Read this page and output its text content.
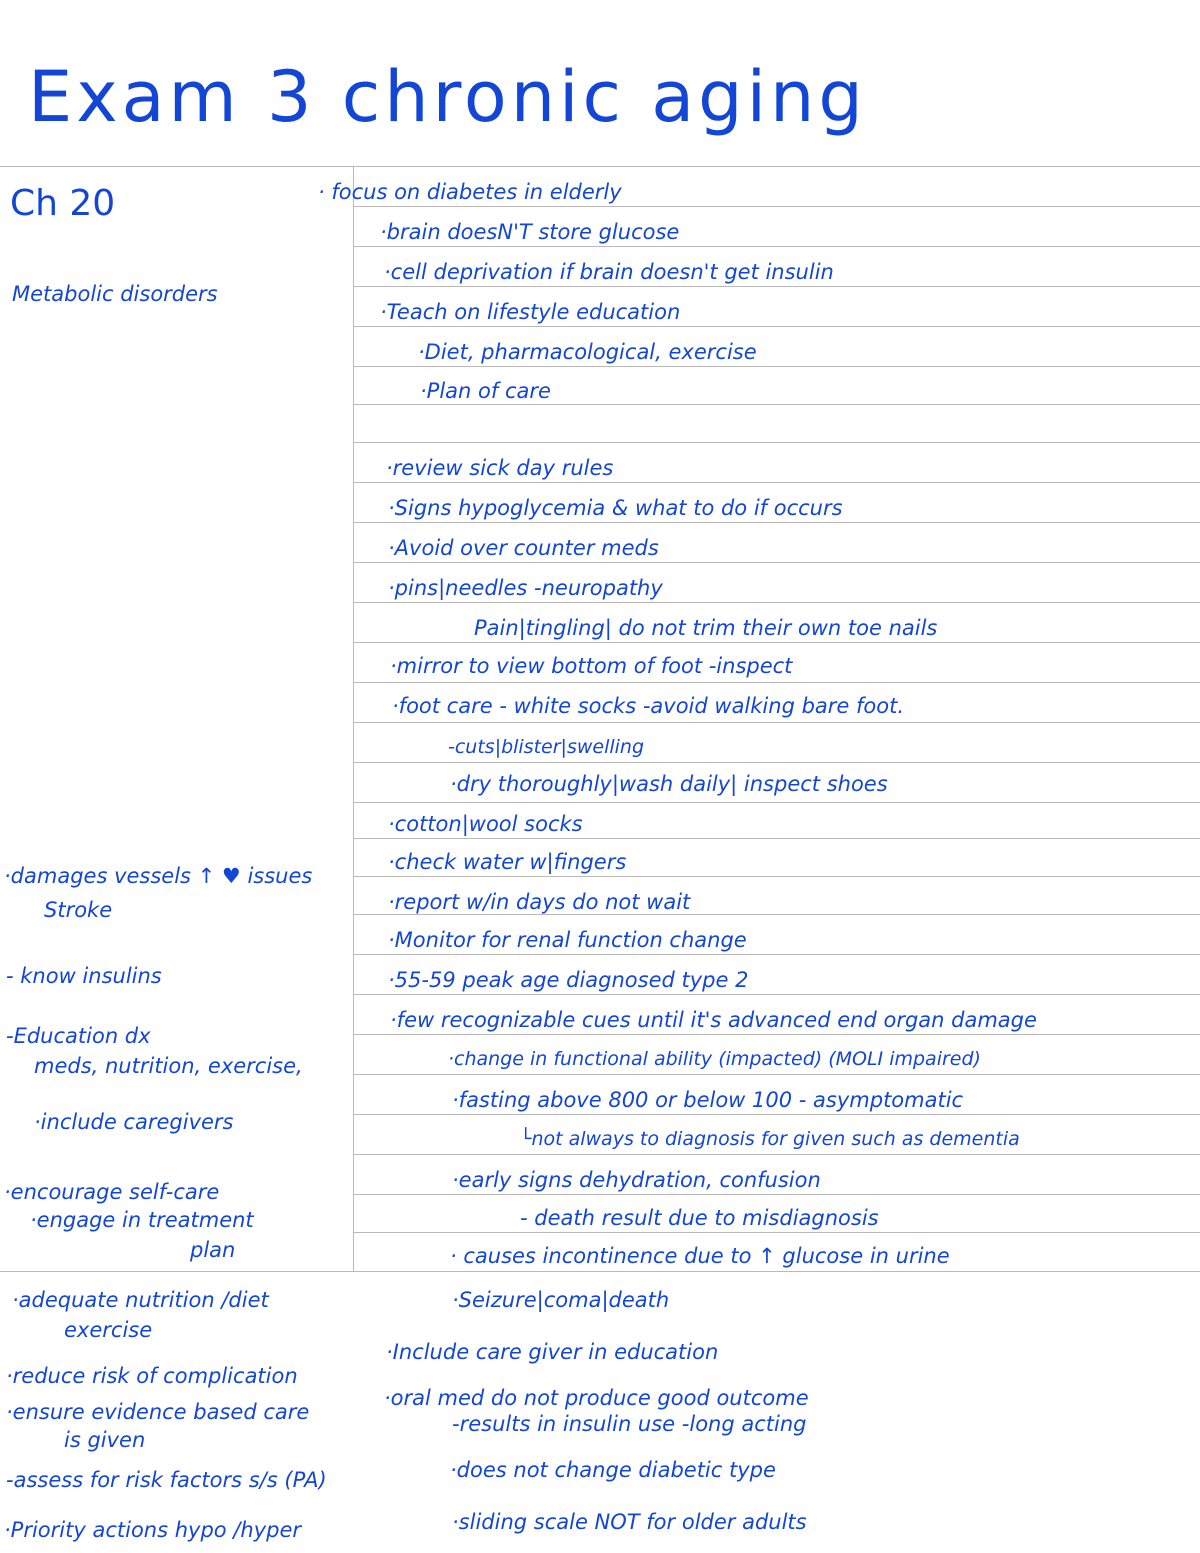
Exam 3 chronic aging

Ch 20

Metabolic disorders

·damages vessels ↑ ♥ issues

Stroke

- know insulins

-Education dx

meds, nutrition, exercise,

·include caregivers

·encourage self-care

·engage in treatment

plan

·adequate nutrition /diet

exercise

·reduce risk of complication

·ensure evidence based care

is given

-assess for risk factors s/s (PA)

·Priority actions hypo /hyper

· focus on diabetes in elderly

·brain doesN'T store glucose

·cell deprivation if brain doesn't get insulin

·Teach on lifestyle education

·Diet, pharmacological, exercise

·Plan of care

·review sick day rules

·Signs hypoglycemia & what to do if occurs

·Avoid over counter meds

·pins|needles -neuropathy

Pain|tingling| do not trim their own toe nails

·mirror to view bottom of foot -inspect

·foot care - white socks -avoid walking bare foot.

-cuts|blister|swelling

·dry thoroughly|wash daily| inspect shoes

·cotton|wool socks

·check water w|fingers

·report w/in days do not wait

·Monitor for renal function change

·55-59 peak age diagnosed type 2

·few recognizable cues until it's advanced end organ damage

·change in functional ability (impacted) (MOLI impaired)

·fasting above 800 or below 100 - asymptomatic

└not always to diagnosis for given such as dementia

·early signs dehydration, confusion

- death result due to misdiagnosis

· causes incontinence due to ↑ glucose in urine

·Seizure|coma|death

·Include care giver in education

·oral med do not produce good outcome

-results in insulin use -long acting

·does not change diabetic type

·sliding scale NOT for older adults
